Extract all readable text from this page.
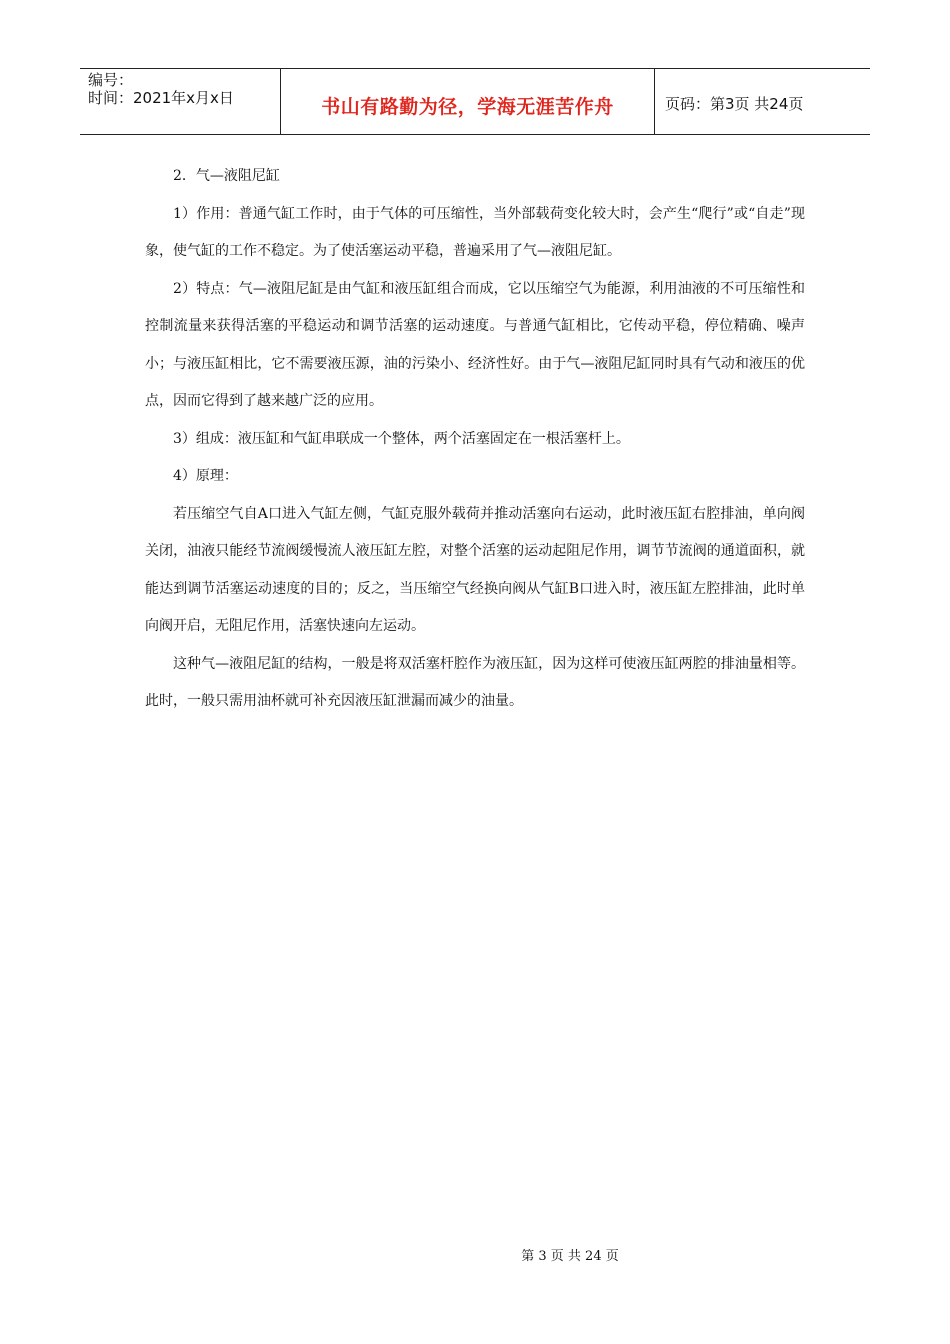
编号：
时间：2021年x月x日	书山有路勤为径，学海无涯苦作舟	页码：第3页 共24页

2．气—液阻尼缸

1）作用：普通气缸工作时，由于气体的可压缩性，当外部载荷变化较大时，会产生“爬行”或“自走”现象，使气缸的工作不稳定。为了使活塞运动平稳，普遍采用了气—液阻尼缸。

2）特点：气—液阻尼缸是由气缸和液压缸组合而成，它以压缩空气为能源，利用油液的不可压缩性和控制流量来获得活塞的平稳运动和调节活塞的运动速度。与普通气缸相比，它传动平稳，停位精确、噪声小；与液压缸相比，它不需要液压源，油的污染小、经济性好。由于气—液阻尼缸同时具有气动和液压的优点，因而它得到了越来越广泛的应用。

3）组成：液压缸和气缸串联成一个整体，两个活塞固定在一根活塞杆上。

4）原理：

若压缩空气自A口进入气缸左侧，气缸克服外载荷并推动活塞向右运动，此时液压缸右腔排油，单向阀关闭，油液只能经节流阀缓慢流人液压缸左腔，对整个活塞的运动起阻尼作用，调节节流阀的通道面积，就能达到调节活塞运动速度的目的；反之，当压缩空气经换向阀从气缸B口进入时，液压缸左腔排油，此时单向阀开启，无阻尼作用，活塞快速向左运动。

这种气—液阻尼缸的结构，一般是将双活塞杆腔作为液压缸，因为这样可使液压缸两腔的排油量相等。此时，一般只需用油杯就可补充因液压缸泄漏而减少的油量。

第 3 页 共 24 页
